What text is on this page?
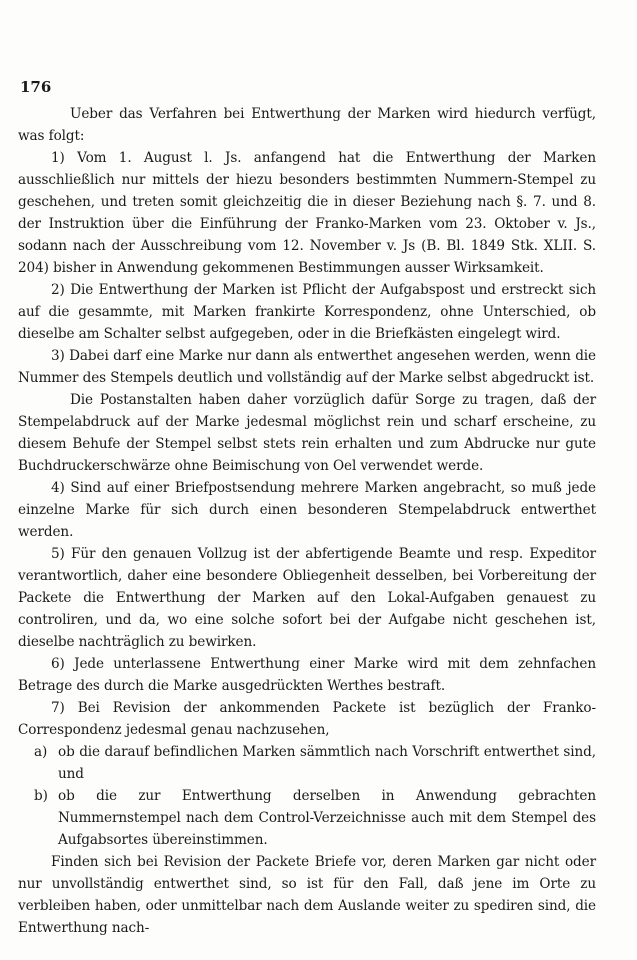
176

Ueber das Verfahren bei Entwerthung der Marken wird hiedurch verfügt, was folgt:

1) Vom 1. August l. Js. anfangend hat die Entwerthung der Marken ausschließlich nur mittels der hiezu besonders bestimmten Nummern-Stempel zu geschehen, und treten somit gleichzeitig die in dieser Beziehung nach §. 7. und 8. der Instruktion über die Einführung der Franko-Marken vom 23. Oktober v. Js., sodann nach der Ausschreibung vom 12. November v. Js (B. Bl. 1849 Stk. XLII. S. 204) bisher in Anwendung gekommenen Bestimmungen ausser Wirksamkeit.

2) Die Entwerthung der Marken ist Pflicht der Aufgabspost und erstreckt sich auf die gesammte, mit Marken frankirte Korrespondenz, ohne Unterschied, ob dieselbe am Schalter selbst aufgegeben, oder in die Briefkästen eingelegt wird.

3) Dabei darf eine Marke nur dann als entwerthet angesehen werden, wenn die Nummer des Stempels deutlich und vollständig auf der Marke selbst abgedruckt ist.

Die Postanstalten haben daher vorzüglich dafür Sorge zu tragen, daß der Stempelabdruck auf der Marke jedesmal möglichst rein und scharf erscheine, zu diesem Behufe der Stempel selbst stets rein erhalten und zum Abdrucke nur gute Buchdruckerschwärze ohne Beimischung von Oel verwendet werde.

4) Sind auf einer Briefpostsendung mehrere Marken angebracht, so muß jede einzelne Marke für sich durch einen besonderen Stempelabdruck entwerthet werden.

5) Für den genauen Vollzug ist der abfertigende Beamte und resp. Expeditor verantwortlich, daher eine besondere Obliegenheit desselben, bei Vorbereitung der Packete die Entwerthung der Marken auf den Lokal-Aufgaben genauest zu controliren, und da, wo eine solche sofort bei der Aufgabe nicht geschehen ist, dieselbe nachträglich zu bewirken.

6) Jede unterlassene Entwerthung einer Marke wird mit dem zehnfachen Betrage des durch die Marke ausgedrückten Werthes bestraft.

7) Bei Revision der ankommenden Packete ist bezüglich der Franko-Correspondenz jedesmal genau nachzusehen,

a) ob die darauf befindlichen Marken sämmtlich nach Vorschrift entwerthet sind, und

b) ob die zur Entwerthung derselben in Anwendung gebrachten Nummernstempel nach dem Control-Verzeichnisse auch mit dem Stempel des Aufgabsortes übereinstimmen.

Finden sich bei Revision der Packete Briefe vor, deren Marken gar nicht oder nur unvollständig entwerthet sind, so ist für den Fall, daß jene im Orte zu verbleiben haben, oder unmittelbar nach dem Auslande weiter zu spediren sind, die Entwerthung nach-
